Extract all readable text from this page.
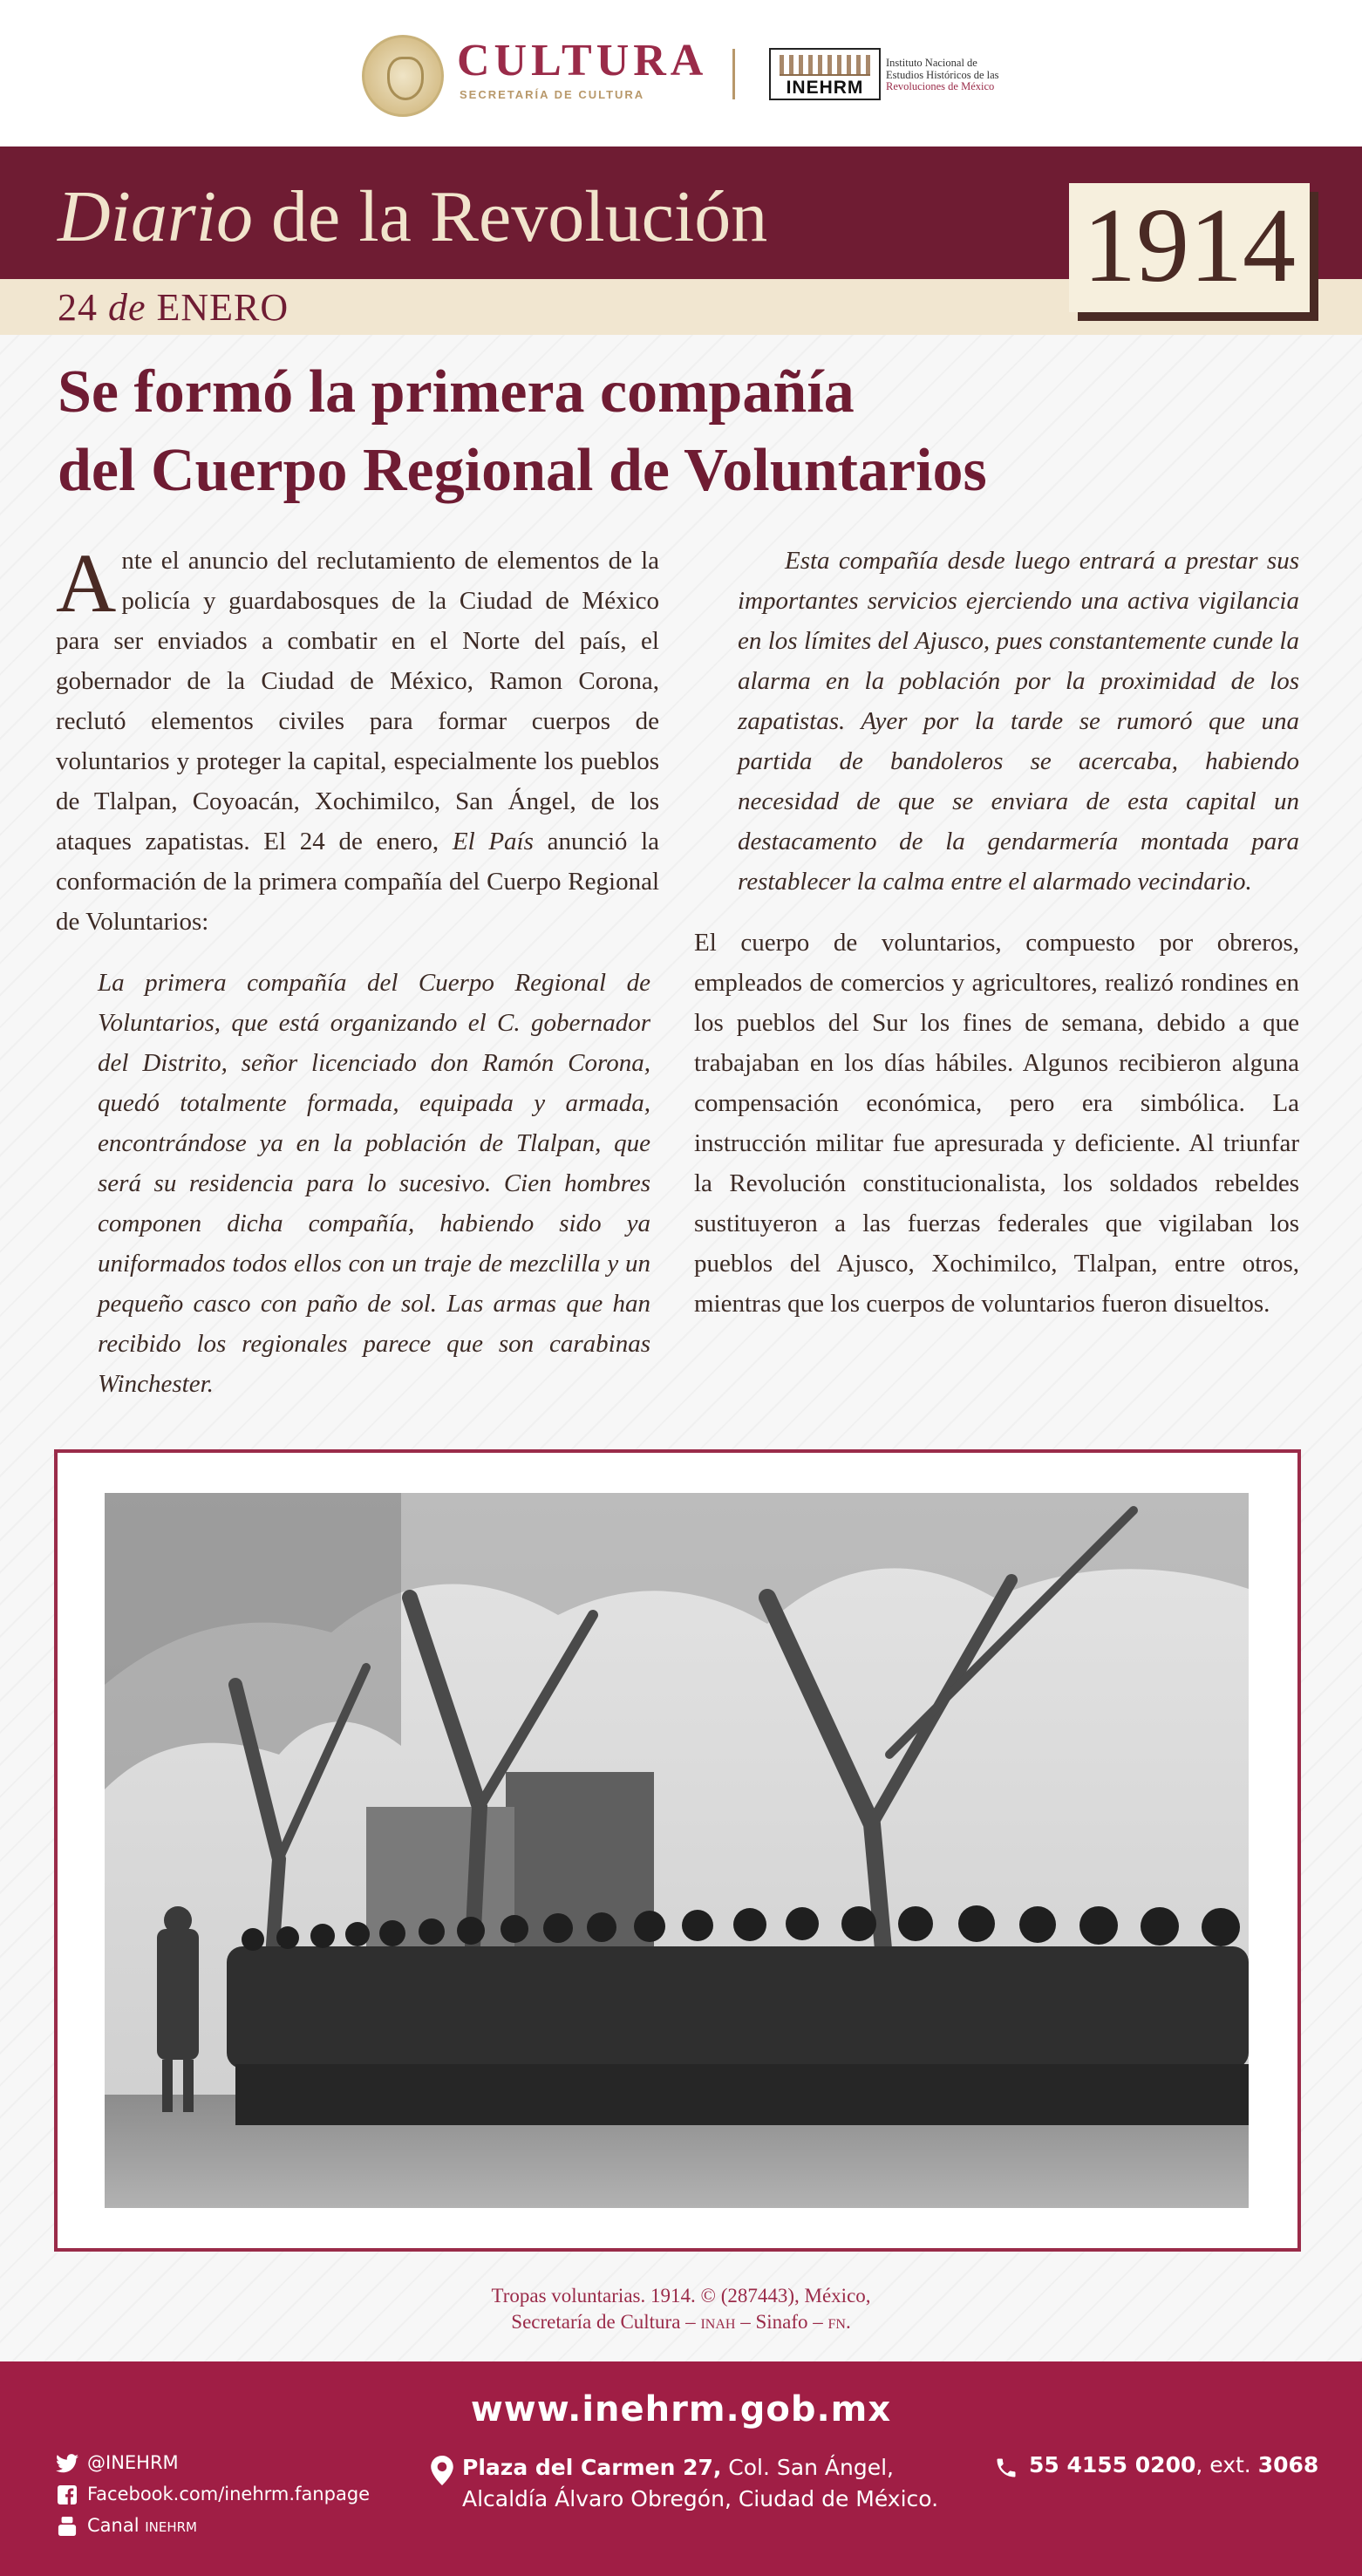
CULTURA
SECRETARÍA DE CULTURA	INEHRM
Instituto Nacional de
Estudios Históricos de las
Revoluciones de México
Diario de la Revolución
24 de ENERO
1914
Se formó la primera compañía
del Cuerpo Regional de Voluntarios

Ante el anuncio del reclutamiento de elementos de la policía y guardabosques de la Ciudad de México para ser enviados a combatir en el Norte del país, el gobernador de la Ciudad de México, Ramon Corona, reclutó elementos civiles para formar cuerpos de voluntarios y proteger la capital, especialmente los pueblos de Tlalpan, Coyoacán, Xochimilco, San Ángel, de los ataques zapatistas. El 24 de enero, El País anunció la conformación de la primera compañía del Cuerpo Regional de Voluntarios:

La primera compañía del Cuerpo Regional de Voluntarios, que está organizando el C. gobernador del Distrito, señor licenciado don Ramón Corona, quedó totalmente formada, equipada y armada, encontrándose ya en la población de Tlalpan, que será su residencia para lo sucesivo. Cien hombres componen dicha compañía, habiendo sido ya uniformados todos ellos con un traje de mezclilla y un pequeño casco con paño de sol. Las armas que han recibido los regionales parece que son carabinas Winchester.

Esta compañía desde luego entrará a prestar sus importantes servicios ejerciendo una activa vigilancia en los límites del Ajusco, pues constantemente cunde la alarma en la población por la proximidad de los zapatistas. Ayer por la tarde se rumoró que una partida de bandoleros se acercaba, habiendo necesidad de que se enviara de esta capital un destacamento de la gendarmería montada para restablecer la calma entre el alarmado vecindario.

El cuerpo de voluntarios, compuesto por obreros, empleados de comercios y agricultores, realizó rondines en los pueblos del Sur los fines de semana, debido a que trabajaban en los días hábiles. Algunos recibieron alguna compensación económica, pero era simbólica. La instrucción militar fue apresurada y deficiente. Al triunfar la Revolución constitucionalista, los soldados rebeldes sustituyeron a las fuerzas federales que vigilaban los pueblos del Ajusco, Xochimilco, Tlalpan, entre otros, mientras que los cuerpos de voluntarios fueron disueltos.

Tropas voluntarias. 1914. © (287443), México,
Secretaría de Cultura – inah – Sinafo – fn.
www.inehrm.gob.mx
@INEHRM
Facebook.com/inehrm.fanpage
Canal inehrm
Plaza del Carmen 27, Col. San Ángel,
Alcaldía Álvaro Obregón, Ciudad de México.
55 4155 0200, ext. 3068
